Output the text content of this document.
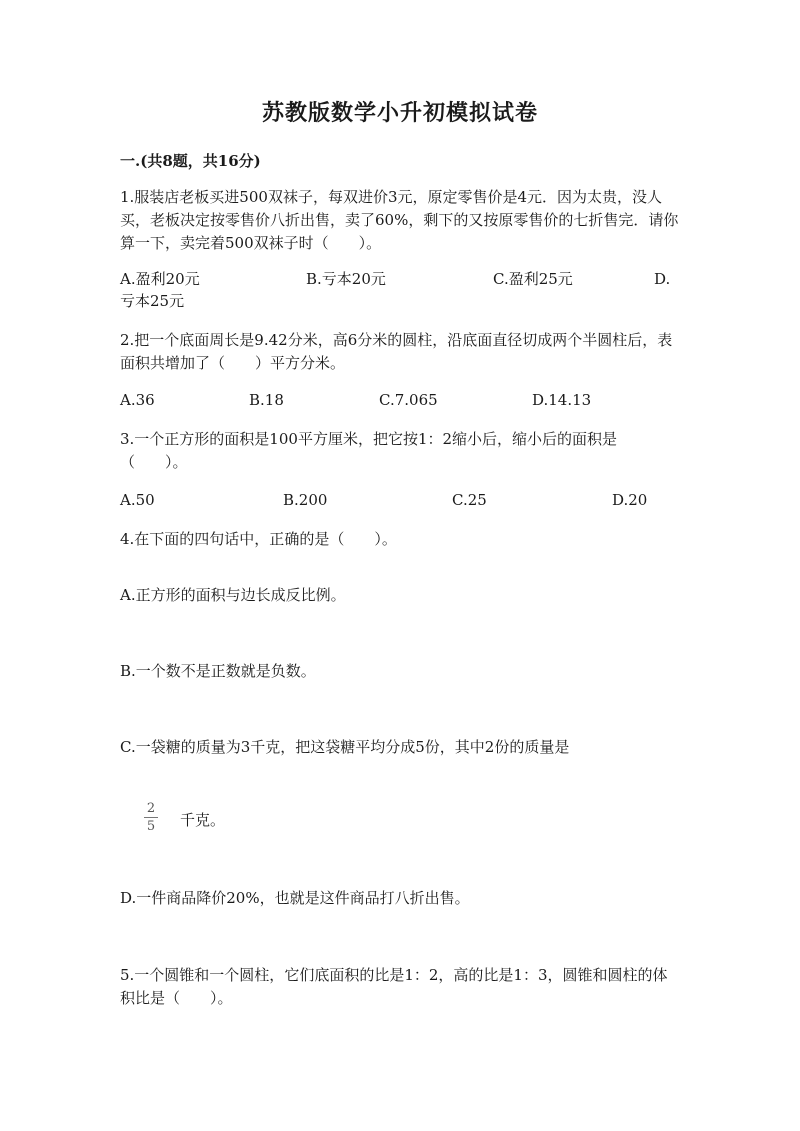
苏教版数学小升初模拟试卷
一.(共8题，共16分)
1.服装店老板买进500双袜子，每双进价3元，原定零售价是4元．因为太贵，没人买，老板决定按零售价八折出售，卖了60%，剩下的又按原零售价的七折售完．请你算一下，卖完着500双袜子时（　　）。
A.盈利20元	B.亏本20元	C.盈利25元	D.
亏本25元
2.把一个底面周长是9.42分米，高6分米的圆柱，沿底面直径切成两个半圆柱后，表面积共增加了（　　）平方分米。
A.36	B.18	C.7.065	D.14.13
3.一个正方形的面积是100平方厘米，把它按1：2缩小后，缩小后的面积是（　　）。
A.50	B.200	C.25	D.20
4.在下面的四句话中，正确的是（　　）。
A.正方形的面积与边长成反比例。
B.一个数不是正数就是负数。
C.一袋糖的质量为3千克，把这袋糖平均分成5份，其中2份的质量是
2
5	千克。
D.一件商品降价20%，也就是这件商品打八折出售。
5.一个圆锥和一个圆柱，它们底面积的比是1：2，高的比是1：3，圆锥和圆柱的体积比是（　　）。
